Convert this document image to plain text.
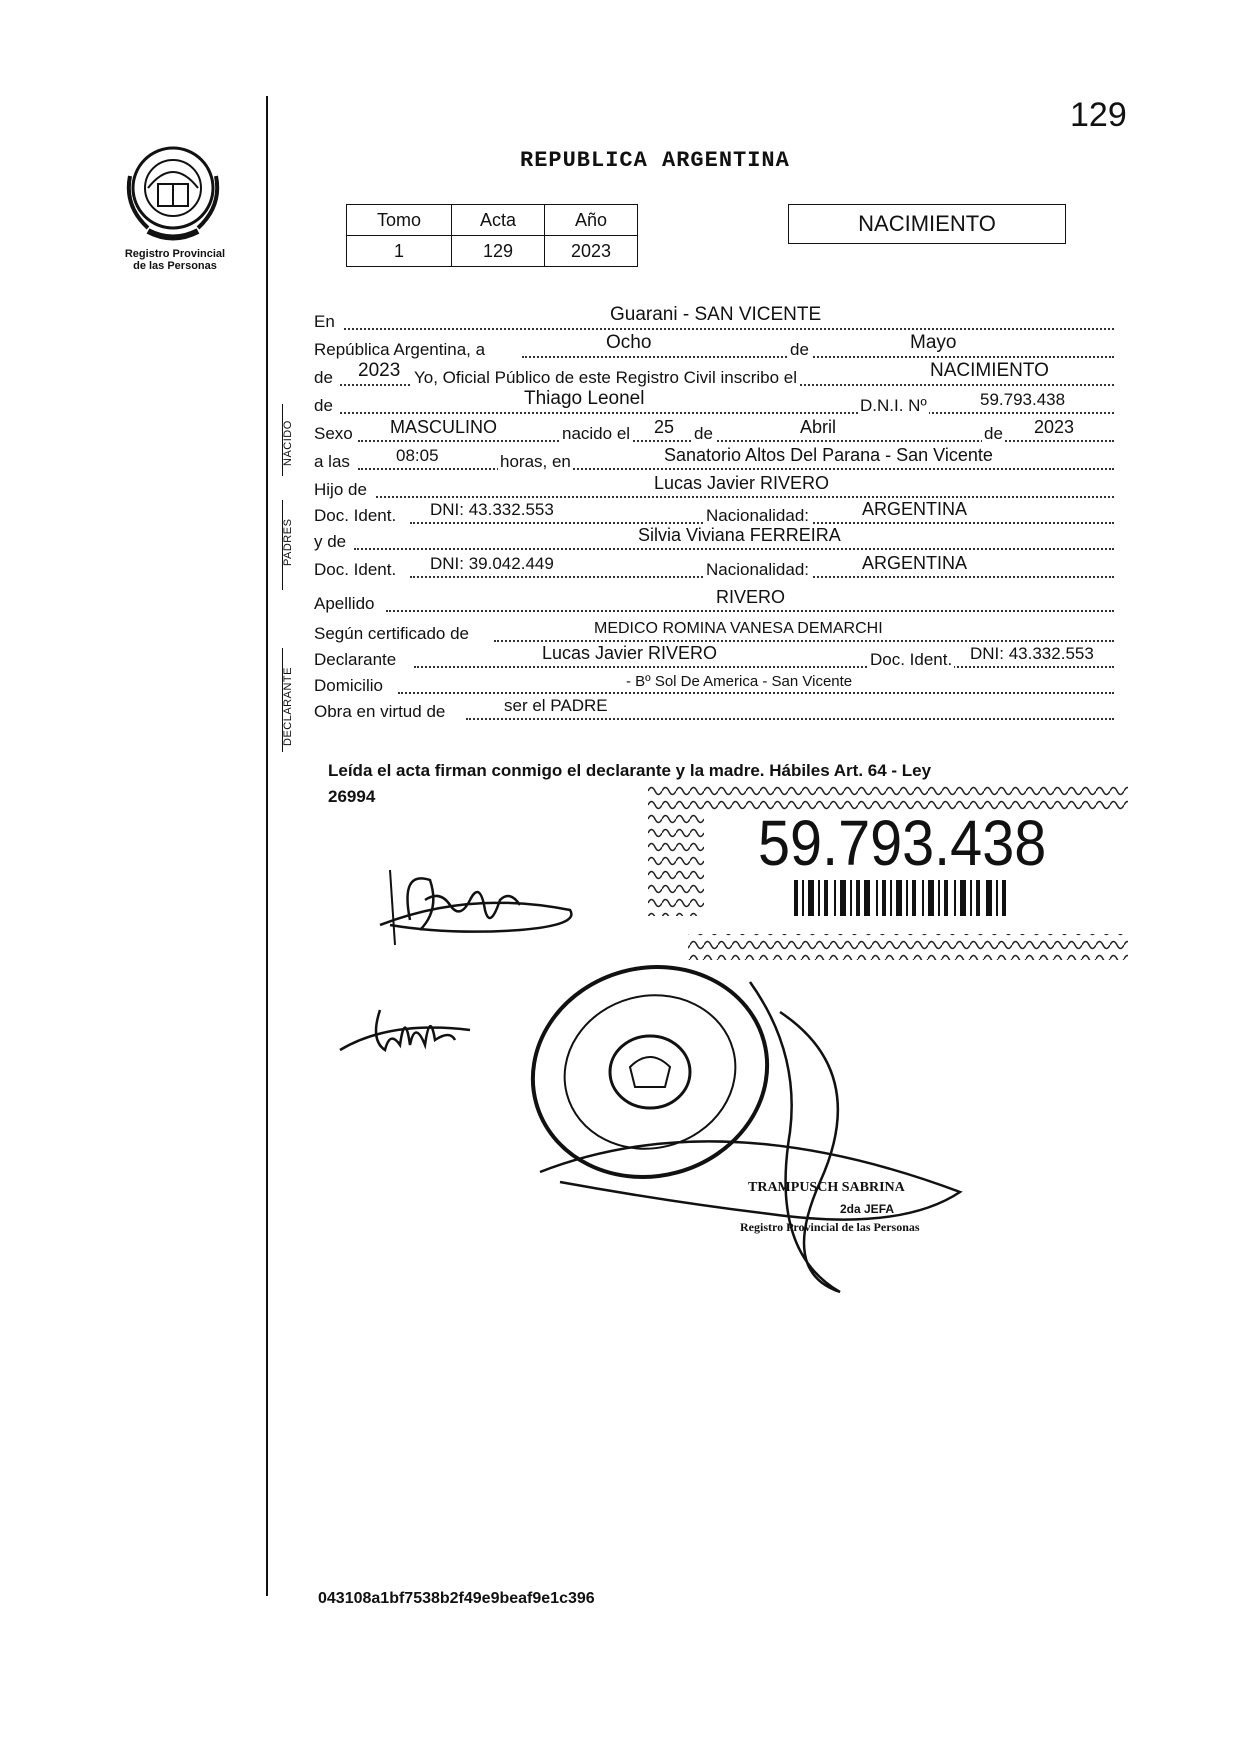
129
Registro Provincial
de las Personas
REPUBLICA ARGENTINA
Tomo	Acta	Año
1	129	2023
NACIMIENTO
NACIDO
PADRES
DECLARANTE
En	Guarani - SAN VICENTE
República Argentina, a	Ocho	de	Mayo
de 2023 Yo, Oficial Público de este Registro Civil inscribo el	NACIMIENTO
de	Thiago Leonel	D.N.I. Nº	59.793.438
Sexo MASCULINO	nacido el 25 de	Abril	de 2023
a las	08:05	horas, en	Sanatorio Altos Del Parana - San Vicente
Hijo de	Lucas Javier RIVERO
Doc. Ident. DNI: 43.332.553	Nacionalidad:	ARGENTINA
y de	Silvia Viviana FERREIRA
Doc. Ident. DNI: 39.042.449	Nacionalidad:	ARGENTINA
Apellido	RIVERO
Según certificado de	MEDICO ROMINA VANESA DEMARCHI
Declarante	Lucas Javier RIVERO	Doc. Ident. DNI: 43.332.553
Domicilio	- Bº Sol De America - San Vicente
Obra en virtud de	ser el PADRE
Leída el acta firman conmigo el declarante y la madre. Hábiles Art. 64 - Ley
26994
59.793.438
TRAMPUSCH SABRINA
2da JEFA
Registro Provincial de las Personas
043108a1bf7538b2f49e9beaf9e1c396
